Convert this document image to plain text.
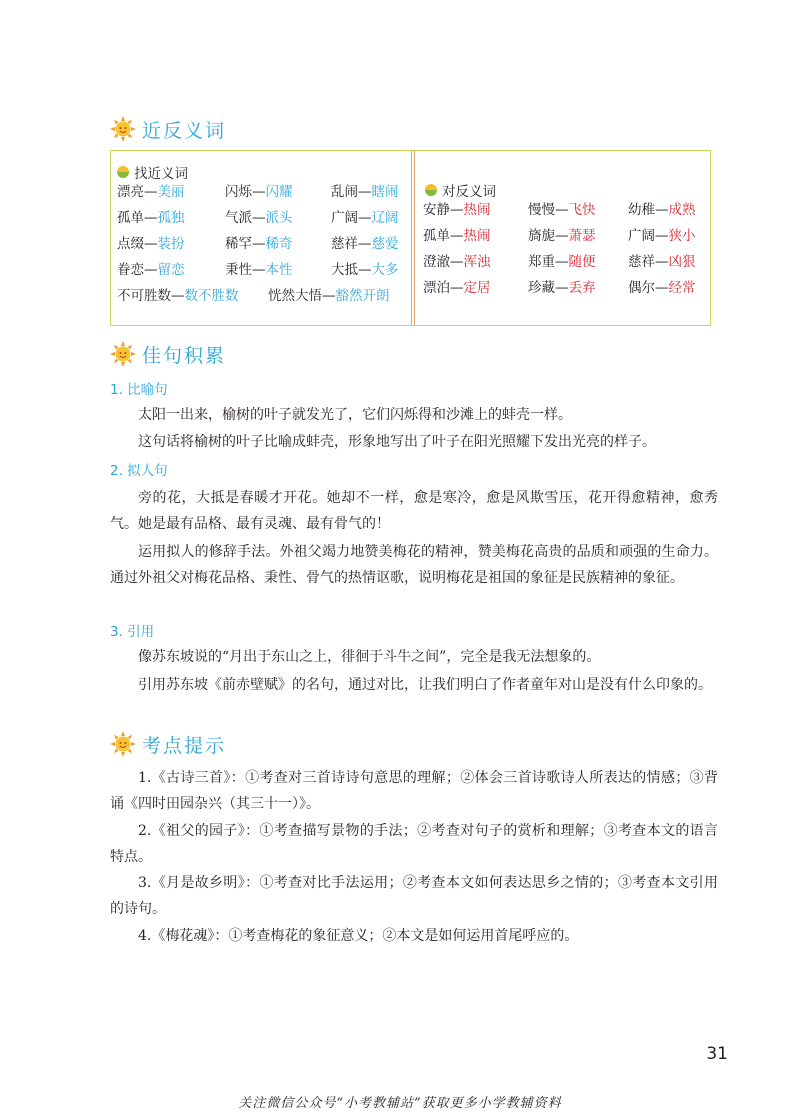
近反义词
找近义词
漂亮—美丽	闪烁—闪耀	乱闹—瞎闹
孤单—孤独	气派—派头	广阔—辽阔
点缀—装扮	稀罕—稀奇	慈祥—慈爱
眷恋—留恋	秉性—本性	大抵—大多
不可胜数—数不胜数 恍然大悟—豁然开朗
对反义词
安静—热闹	慢慢—飞快 幼稚—成熟
孤单—热闹	旖旎—萧瑟 广阔—狭小
澄澈—浑浊	郑重—随便 慈祥—凶狠
漂泊—定居	珍藏—丢弃 偶尔—经常
佳句积累
1. 比喻句

太阳一出来，榆树的叶子就发光了，它们闪烁得和沙滩上的蚌壳一样。

这句话将榆树的叶子比喻成蚌壳，形象地写出了叶子在阳光照耀下发出光亮的样子。

2. 拟人句

旁的花，大抵是春暖才开花。她却不一样，愈是寒冷，愈是风欺雪压，花开得愈精神，愈秀气。她是最有品格、最有灵魂、最有骨气的！

运用拟人的修辞手法。外祖父竭力地赞美梅花的精神，赞美梅花高贵的品质和顽强的生命力。通过外祖父对梅花品格、秉性、骨气的热情讴歌，说明梅花是祖国的象征是民族精神的象征。

3. 引用

像苏东坡说的“月出于东山之上，徘徊于斗牛之间”，完全是我无法想象的。

引用苏东坡《前赤壁赋》的名句，通过对比，让我们明白了作者童年对山是没有什么印象的。

考点提示

1.《古诗三首》：①考查对三首诗诗句意思的理解；②体会三首诗歌诗人所表达的情感；③背诵《四时田园杂兴（其三十一）》。

2.《祖父的园子》：①考查描写景物的手法；②考查对句子的赏析和理解；③考查本文的语言特点。

3.《月是故乡明》：①考查对比手法运用；②考查本文如何表达思乡之情的；③考查本文引用的诗句。

4.《梅花魂》：①考查梅花的象征意义；②本文是如何运用首尾呼应的。

31
关注微信公众号“小考教辅站”获取更多小学教辅资料
